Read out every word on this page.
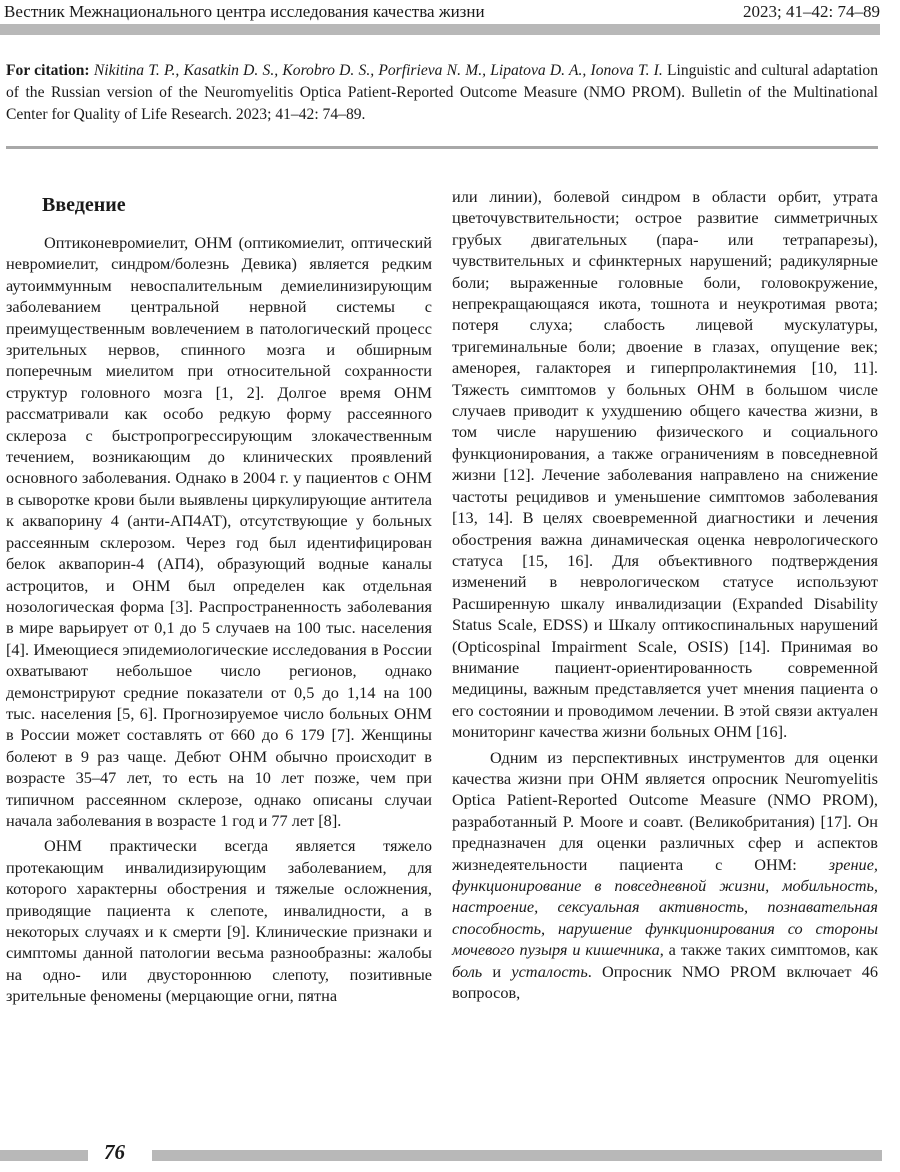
Вестник Межнационального центра исследования качества жизни	2023; 41–42: 74–89
For citation: Nikitina T. P., Kasatkin D. S., Korobro D. S., Porfirieva N. M., Lipatova D. A., Ionova T. I. Linguistic and cultural adaptation of the Russian version of the Neuromyelitis Optica Patient-Reported Outcome Measure (NMO PROM). Bulletin of the Multinational Center for Quality of Life Research. 2023; 41–42: 74–89.
Введение

Оптиконевромиелит, ОНМ (оптикомиелит, оптический невромиелит, синдром/болезнь Девика) является редким аутоиммунным невоспалительным демиелинизирующим заболеванием центральной нервной системы с преимущественным вовлечением в патологический процесс зрительных нервов, спинного мозга и обширным поперечным миелитом при относительной сохранности структур головного мозга [1, 2]. Долгое время ОНМ рассматривали как особо редкую форму рассеянного склероза с быстропрогрессирующим злокачественным течением, возникающим до клинических проявлений основного заболевания. Однако в 2004 г. у пациентов с ОНМ в сыворотке крови были выявлены циркулирующие антитела к аквапорину 4 (анти-АП4АТ), отсутствующие у больных рассеянным склерозом. Через год был идентифицирован белок аквапорин-4 (АП4), образующий водные каналы астроцитов, и ОНМ был определен как отдельная нозологическая форма [3]. Распространенность заболевания в мире варьирует от 0,1 до 5 случаев на 100 тыс. населения [4]. Имеющиеся эпидемиологические исследования в России охватывают небольшое число регионов, однако демонстрируют средние показатели от 0,5 до 1,14 на 100 тыс. населения [5, 6]. Прогнозируемое число больных ОНМ в России может составлять от 660 до 6 179 [7]. Женщины болеют в 9 раз чаще. Дебют ОНМ обычно происходит в возрасте 35–47 лет, то есть на 10 лет позже, чем при типичном рассеянном склерозе, однако описаны случаи начала заболевания в возрасте 1 год и 77 лет [8].

ОНМ практически всегда является тяжело протекающим инвалидизирующим заболеванием, для которого характерны обострения и тяжелые осложнения, приводящие пациента к слепоте, инвалидности, а в некоторых случаях и к смерти [9]. Клинические признаки и симптомы данной патологии весьма разнообразны: жалобы на одно- или двустороннюю слепоту, позитивные зрительные феномены (мерцающие огни, пятна

или линии), болевой синдром в области орбит, утрата цветочувствительности; острое развитие симметричных грубых двигательных (пара- или тетрапарезы), чувствительных и сфинктерных нарушений; радикулярные боли; выраженные головные боли, головокружение, непрекращающаяся икота, тошнота и неукротимая рвота; потеря слуха; слабость лицевой мускулатуры, тригеминальные боли; двоение в глазах, опущение век; аменорея, галакторея и гиперпролактинемия [10, 11]. Тяжесть симптомов у больных ОНМ в большом числе случаев приводит к ухудшению общего качества жизни, в том числе нарушению физического и социального функционирования, а также ограничениям в повседневной жизни [12]. Лечение заболевания направлено на снижение частоты рецидивов и уменьшение симптомов заболевания [13, 14]. В целях своевременной диагностики и лечения обострения важна динамическая оценка неврологического статуса [15, 16]. Для объективного подтверждения изменений в неврологическом статусе используют Расширенную шкалу инвалидизации (Expanded Disability Status Scale, EDSS) и Шкалу оптикоспинальных нарушений (Opticospinal Impairment Scale, OSIS) [14]. Принимая во внимание пациент-ориентированность современной медицины, важным представляется учет мнения пациента о его состоянии и проводимом лечении. В этой связи актуален мониторинг качества жизни больных ОНМ [16].

Одним из перспективных инструментов для оценки качества жизни при ОНМ является опросник Neuromyelitis Optica Patient-Reported Outcome Measure (NMO PROM), разработанный P. Moore и соавт. (Великобритания) [17]. Он предназначен для оценки различных сфер и аспектов жизнедеятельности пациента с ОНМ: зрение, функционирование в повседневной жизни, мобильность, настроение, сексуальная активность, познавательная способность, нарушение функционирования со стороны мочевого пузыря и кишечника, а также таких симптомов, как боль и усталость. Опросник NMO PROM включает 46 вопросов,

76
